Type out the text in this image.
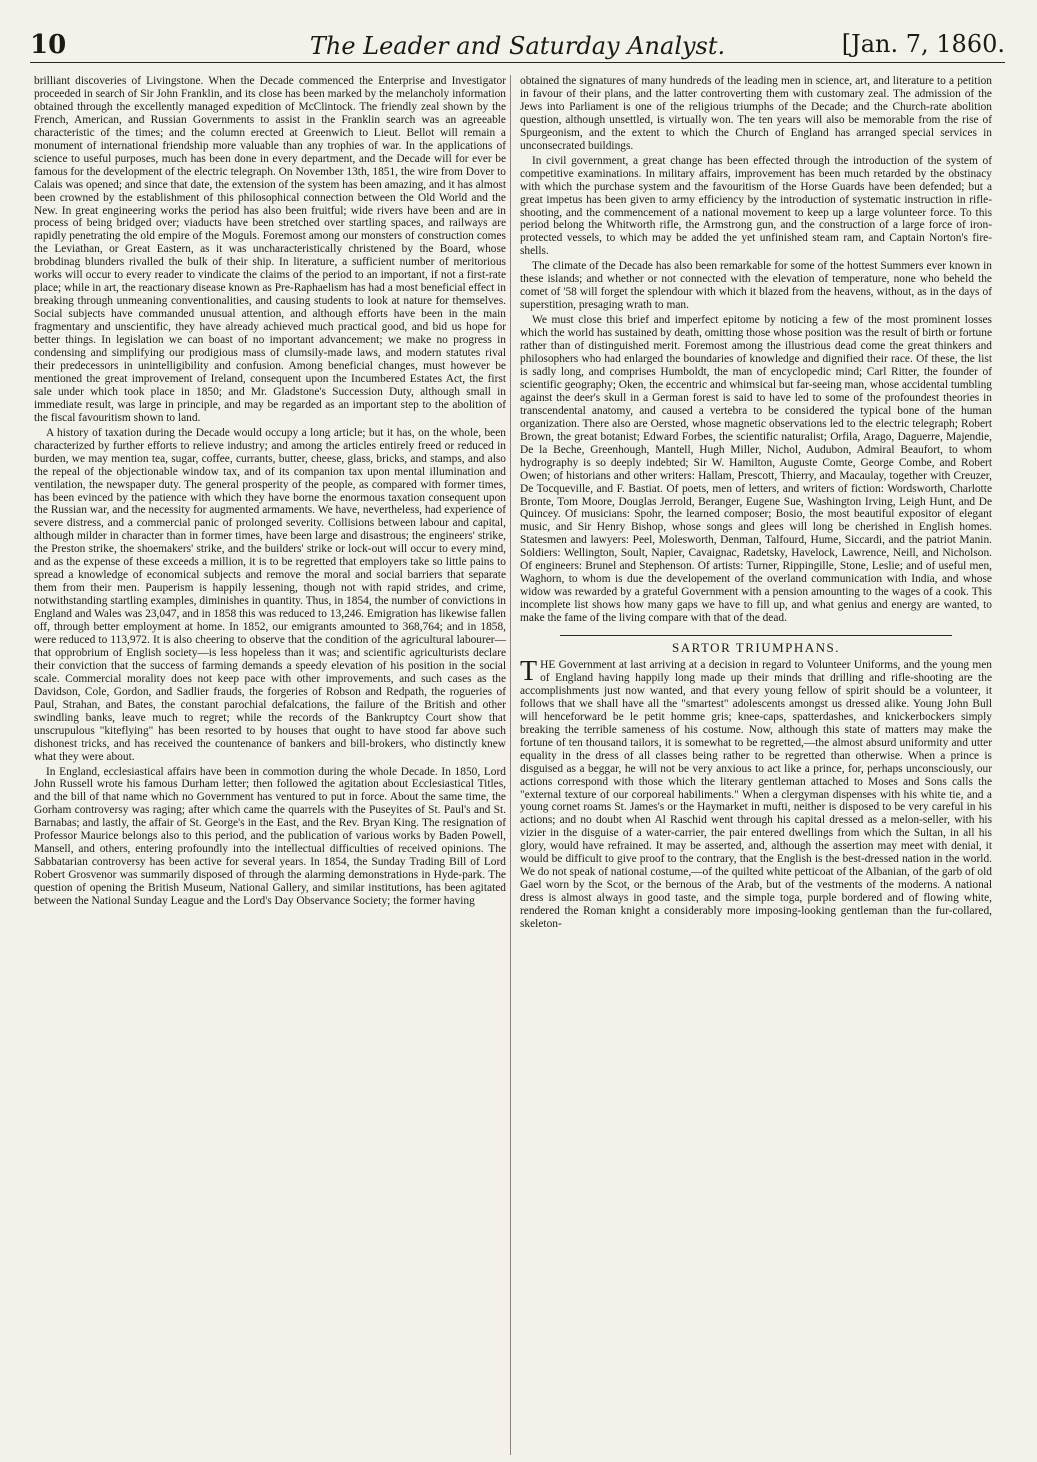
10	The Leader and Saturday Analyst.	[Jan. 7, 1860.

brilliant discoveries of Livingstone. When the Decade commenced the Enterprise and Investigator proceeded in search of Sir John Franklin, and its close has been marked by the melancholy information obtained through the excellently managed expedition of McClintock. The friendly zeal shown by the French, American, and Russian Governments to assist in the Franklin search was an agreeable characteristic of the times; and the column erected at Greenwich to Lieut. Bellot will remain a monument of international friendship more valuable than any trophies of war. In the applications of science to useful purposes, much has been done in every department, and the Decade will for ever be famous for the development of the electric telegraph. On November 13th, 1851, the wire from Dover to Calais was opened; and since that date, the extension of the system has been amazing, and it has almost been crowned by the establishment of this philosophical connection between the Old World and the New. In great engineering works the period has also been fruitful; wide rivers have been and are in process of being bridged over; viaducts have been stretched over startling spaces, and railways are rapidly penetrating the old empire of the Moguls. Foremost among our monsters of construction comes the Leviathan, or Great Eastern, as it was uncharacteristically christened by the Board, whose brobdinag blunders rivalled the bulk of their ship. In literature, a sufficient number of meritorious works will occur to every reader to vindicate the claims of the period to an important, if not a first-rate place; while in art, the reactionary disease known as Pre-Raphaelism has had a most beneficial effect in breaking through unmeaning conventionalities, and causing students to look at nature for themselves. Social subjects have commanded unusual attention, and although efforts have been in the main fragmentary and unscientific, they have already achieved much practical good, and bid us hope for better things. In legislation we can boast of no important advancement; we make no progress in condensing and simplifying our prodigious mass of clumsily-made laws, and modern statutes rival their predecessors in unintelligibility and confusion. Among beneficial changes, must however be mentioned the great improvement of Ireland, consequent upon the Incumbered Estates Act, the first sale under which took place in 1850; and Mr. Gladstone's Succession Duty, although small in immediate result, was large in principle, and may be regarded as an important step to the abolition of the fiscal favouritism shown to land.

A history of taxation during the Decade would occupy a long article; but it has, on the whole, been characterized by further efforts to relieve industry; and among the articles entirely freed or reduced in burden, we may mention tea, sugar, coffee, currants, butter, cheese, glass, bricks, and stamps, and also the repeal of the objectionable window tax, and of its companion tax upon mental illumination and ventilation, the newspaper duty. The general prosperity of the people, as compared with former times, has been evinced by the patience with which they have borne the enormous taxation consequent upon the Russian war, and the necessity for augmented armaments. We have, nevertheless, had experience of severe distress, and a commercial panic of prolonged severity. Collisions between labour and capital, although milder in character than in former times, have been large and disastrous; the engineers' strike, the Preston strike, the shoemakers' strike, and the builders' strike or lock-out will occur to every mind, and as the expense of these exceeds a million, it is to be regretted that employers take so little pains to spread a knowledge of economical subjects and remove the moral and social barriers that separate them from their men. Pauperism is happily lessening, though not with rapid strides, and crime, notwithstanding startling examples, diminishes in quantity. Thus, in 1854, the number of convictions in England and Wales was 23,047, and in 1858 this was reduced to 13,246. Emigration has likewise fallen off, through better employment at home. In 1852, our emigrants amounted to 368,764; and in 1858, were reduced to 113,972. It is also cheering to observe that the condition of the agricultural labourer—that opprobrium of English society—is less hopeless than it was; and scientific agriculturists declare their conviction that the success of farming demands a speedy elevation of his position in the social scale. Commercial morality does not keep pace with other improvements, and such cases as the Davidson, Cole, Gordon, and Sadlier frauds, the forgeries of Robson and Redpath, the rogueries of Paul, Strahan, and Bates, the constant parochial defalcations, the failure of the British and other swindling banks, leave much to regret; while the records of the Bankruptcy Court show that unscrupulous "kiteflying" has been resorted to by houses that ought to have stood far above such dishonest tricks, and has received the countenance of bankers and bill-brokers, who distinctly knew what they were about.

In England, ecclesiastical affairs have been in commotion during the whole Decade. In 1850, Lord John Russell wrote his famous Durham letter; then followed the agitation about Ecclesiastical Titles, and the bill of that name which no Government has ventured to put in force. About the same time, the Gorham controversy was raging; after which came the quarrels with the Puseyites of St. Paul's and St. Barnabas; and lastly, the affair of St. George's in the East, and the Rev. Bryan King. The resignation of Professor Maurice belongs also to this period, and the publication of various works by Baden Powell, Mansell, and others, entering profoundly into the intellectual difficulties of received opinions. The Sabbatarian controversy has been active for several years. In 1854, the Sunday Trading Bill of Lord Robert Grosvenor was summarily disposed of through the alarming demonstrations in Hyde-park. The question of opening the British Museum, National Gallery, and similar institutions, has been agitated between the National Sunday League and the Lord's Day Observance Society; the former having

obtained the signatures of many hundreds of the leading men in science, art, and literature to a petition in favour of their plans, and the latter controverting them with customary zeal. The admission of the Jews into Parliament is one of the religious triumphs of the Decade; and the Church-rate abolition question, although unsettled, is virtually won. The ten years will also be memorable from the rise of Spurgeonism, and the extent to which the Church of England has arranged special services in unconsecrated buildings.

In civil government, a great change has been effected through the introduction of the system of competitive examinations. In military affairs, improvement has been much retarded by the obstinacy with which the purchase system and the favouritism of the Horse Guards have been defended; but a great impetus has been given to army efficiency by the introduction of systematic instruction in rifle-shooting, and the commencement of a national movement to keep up a large volunteer force. To this period belong the Whitworth rifle, the Armstrong gun, and the construction of a large force of iron-protected vessels, to which may be added the yet unfinished steam ram, and Captain Norton's fire-shells.

The climate of the Decade has also been remarkable for some of the hottest Summers ever known in these islands; and whether or not connected with the elevation of temperature, none who beheld the comet of '58 will forget the splendour with which it blazed from the heavens, without, as in the days of superstition, presaging wrath to man.

We must close this brief and imperfect epitome by noticing a few of the most prominent losses which the world has sustained by death, omitting those whose position was the result of birth or fortune rather than of distinguished merit. Foremost among the illustrious dead come the great thinkers and philosophers who had enlarged the boundaries of knowledge and dignified their race. Of these, the list is sadly long, and comprises Humboldt, the man of encyclopedic mind; Carl Ritter, the founder of scientific geography; Oken, the eccentric and whimsical but far-seeing man, whose accidental tumbling against the deer's skull in a German forest is said to have led to some of the profoundest theories in transcendental anatomy, and caused a vertebra to be considered the typical bone of the human organization. There also are Oersted, whose magnetic observations led to the electric telegraph; Robert Brown, the great botanist; Edward Forbes, the scientific naturalist; Orfila, Arago, Daguerre, Majendie, De la Beche, Greenhough, Mantell, Hugh Miller, Nichol, Audubon, Admiral Beaufort, to whom hydrography is so deeply indebted; Sir W. Hamilton, Auguste Comte, George Combe, and Robert Owen; of historians and other writers: Hallam, Prescott, Thierry, and Macaulay, together with Creuzer, De Tocqueville, and F. Bastiat. Of poets, men of letters, and writers of fiction: Wordsworth, Charlotte Bronte, Tom Moore, Douglas Jerrold, Beranger, Eugene Sue, Washington Irving, Leigh Hunt, and De Quincey. Of musicians: Spohr, the learned composer; Bosio, the most beautiful expositor of elegant music, and Sir Henry Bishop, whose songs and glees will long be cherished in English homes. Statesmen and lawyers: Peel, Molesworth, Denman, Talfourd, Hume, Siccardi, and the patriot Manin. Soldiers: Wellington, Soult, Napier, Cavaignac, Radetsky, Havelock, Lawrence, Neill, and Nicholson. Of engineers: Brunel and Stephenson. Of artists: Turner, Rippingille, Stone, Leslie; and of useful men, Waghorn, to whom is due the developement of the overland communication with India, and whose widow was rewarded by a grateful Government with a pension amounting to the wages of a cook. This incomplete list shows how many gaps we have to fill up, and what genius and energy are wanted, to make the fame of the living compare with that of the dead.

SARTOR TRIUMPHANS.

THE Government at last arriving at a decision in regard to Volunteer Uniforms, and the young men of England having happily long made up their minds that drilling and rifle-shooting are the accomplishments just now wanted, and that every young fellow of spirit should be a volunteer, it follows that we shall have all the "smartest" adolescents amongst us dressed alike. Young John Bull will henceforward be le petit homme gris; knee-caps, spatterdashes, and knickerbockers simply breaking the terrible sameness of his costume. Now, although this state of matters may make the fortune of ten thousand tailors, it is somewhat to be regretted,—the almost absurd uniformity and utter equality in the dress of all classes being rather to be regretted than otherwise. When a prince is disguised as a beggar, he will not be very anxious to act like a prince, for, perhaps unconsciously, our actions correspond with those which the literary gentleman attached to Moses and Sons calls the "external texture of our corporeal habiliments." When a clergyman dispenses with his white tie, and a young cornet roams St. James's or the Haymarket in mufti, neither is disposed to be very careful in his actions; and no doubt when Al Raschid went through his capital dressed as a melon-seller, with his vizier in the disguise of a water-carrier, the pair entered dwellings from which the Sultan, in all his glory, would have refrained. It may be asserted, and, although the assertion may meet with denial, it would be difficult to give proof to the contrary, that the English is the best-dressed nation in the world. We do not speak of national costume,—of the quilted white petticoat of the Albanian, of the garb of old Gael worn by the Scot, or the bernous of the Arab, but of the vestments of the moderns. A national dress is almost always in good taste, and the simple toga, purple bordered and of flowing white, rendered the Roman knight a considerably more imposing-looking gentleman than the fur-collared, skeleton-
